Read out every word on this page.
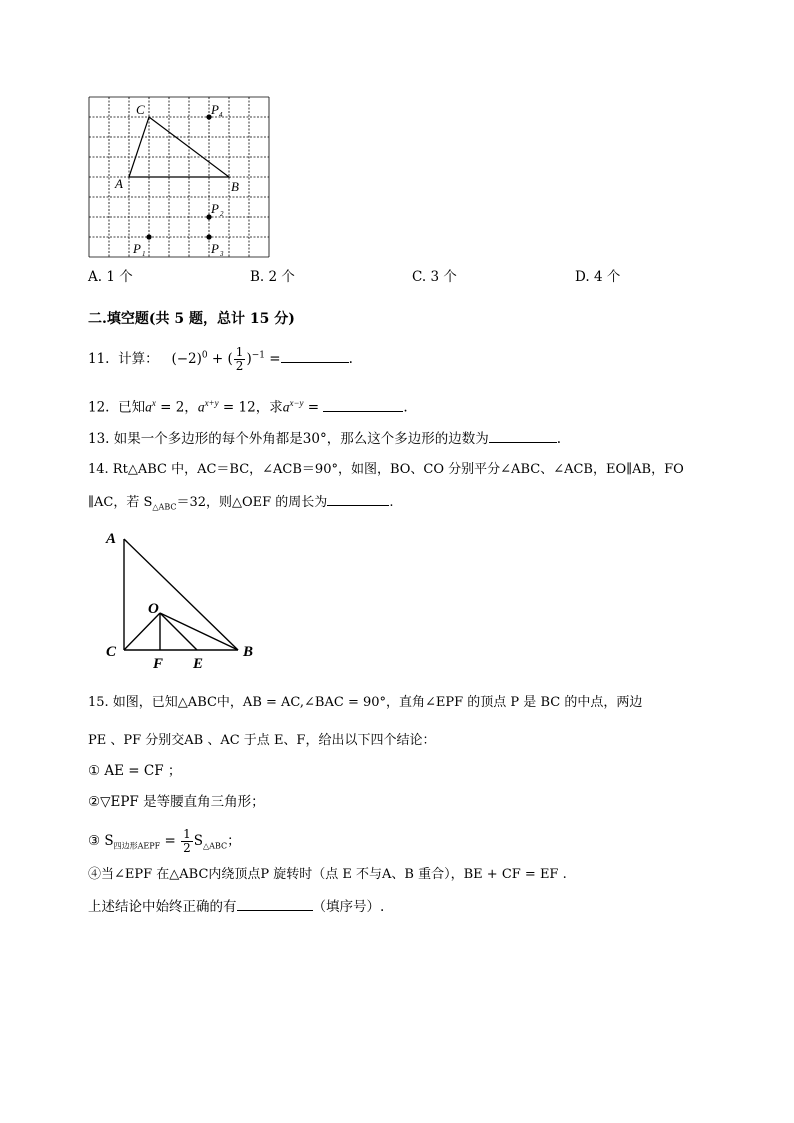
C
A	B
P 4
P 2
P 1	P 3
A. 1 个	B. 2 个	C. 3 个	D. 4 个
二.填空题(共 5 题，总计 15 分)
11. 计算： $(-2)^0$ + ( $\frac{1}{2} )^{-1}$ =	.
12. 已知$a^x = 2$，$a^{x+y} = 12$，求$a^{x-y}$ =	.
13. 如果一个多边形的每个外角都是30°，那么这个多边形的边数为	.
14. Rt△ABC 中，AC＝BC，∠ACB＝90°，如图，BO、CO 分别平分∠ABC、∠ACB，EO∥AB，FO
∥AC，若 $S_{\triangle ABC}=32$，则△OEF 的周长为	.
A
O
C
F E
B
15. 如图，已知△ABC中，AB = AC,∠BAC = 90°，直角∠EPF 的顶点 P 是 BC 的中点，两边
PE 、PF 分别交AB 、AC 于点 E、F，给出以下四个结论：
① AE = CF ；
②▽EPF 是等腰直角三角形；
③ $S_{四边形AEPF} = \frac{1}{2} S_{\triangle ABC}$；
④当∠EPF 在△ABC内绕顶点P 旋转时（点 E 不与A、B 重合），BE + CF = EF .
上述结论中始终正确的有	（填序号）.
